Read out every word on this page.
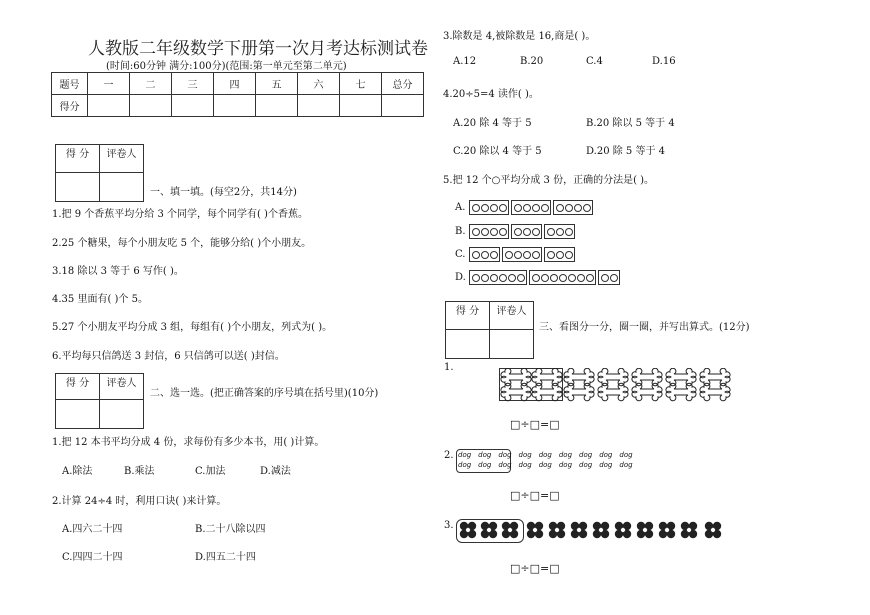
人教版二年级数学下册第一次月考达标测试卷
(时间:60分钟 满分:100分)(范围:第一单元至第二单元)
题号	一	二	三	四	五	六	七	总分
得分								
得 分	评卷人

一、填一填。(每空2分，共14分)
1.把 9 个香蕉平均分给 3 个同学，每个同学有( )个香蕉。
2.25 个糖果，每个小朋友吃 5 个，能够分给( )个小朋友。
3.18 除以 3 等于 6 写作( )。
4.35 里面有( )个 5。
5.27 个小朋友平均分成 3 组，每组有( )个小朋友，列式为( )。
6.平均每只信鸽送 3 封信，6 只信鸽可以送( )封信。
得 分	评卷人

二、选一选。(把正确答案的序号填在括号里)(10分)
1.把 12 本书平均分成 4 份，求每份有多少本书，用( )计算。
A.除法	B.乘法	C.加法	D.减法
2.计算 24÷4 时，利用口诀( )来计算。
A.四六二十四	B.二十八除以四
C.四四二十四	D.四五二十四
3.除数是 4,被除数是 16,商是( )。
A.12	B.20	C.4	D.16
4.20÷5=4 读作( )。
A.20 除 4 等于 5	B.20 除以 5 等于 4
C.20 除以 4 等于 5	D.20 除 5 等于 4
5.把 12 个○平均分成 3 份，正确的分法是( )。
A.
B.
C.
D.
得 分	评卷人

三、看图分一分，圈一圈，并写出算式。(12分)
1.
□÷□=□
2. dog dog dog dog dog dog dog dog dog
dog dog dog dog dog dog dog dog dog
□÷□=□
3.
□÷□=□
